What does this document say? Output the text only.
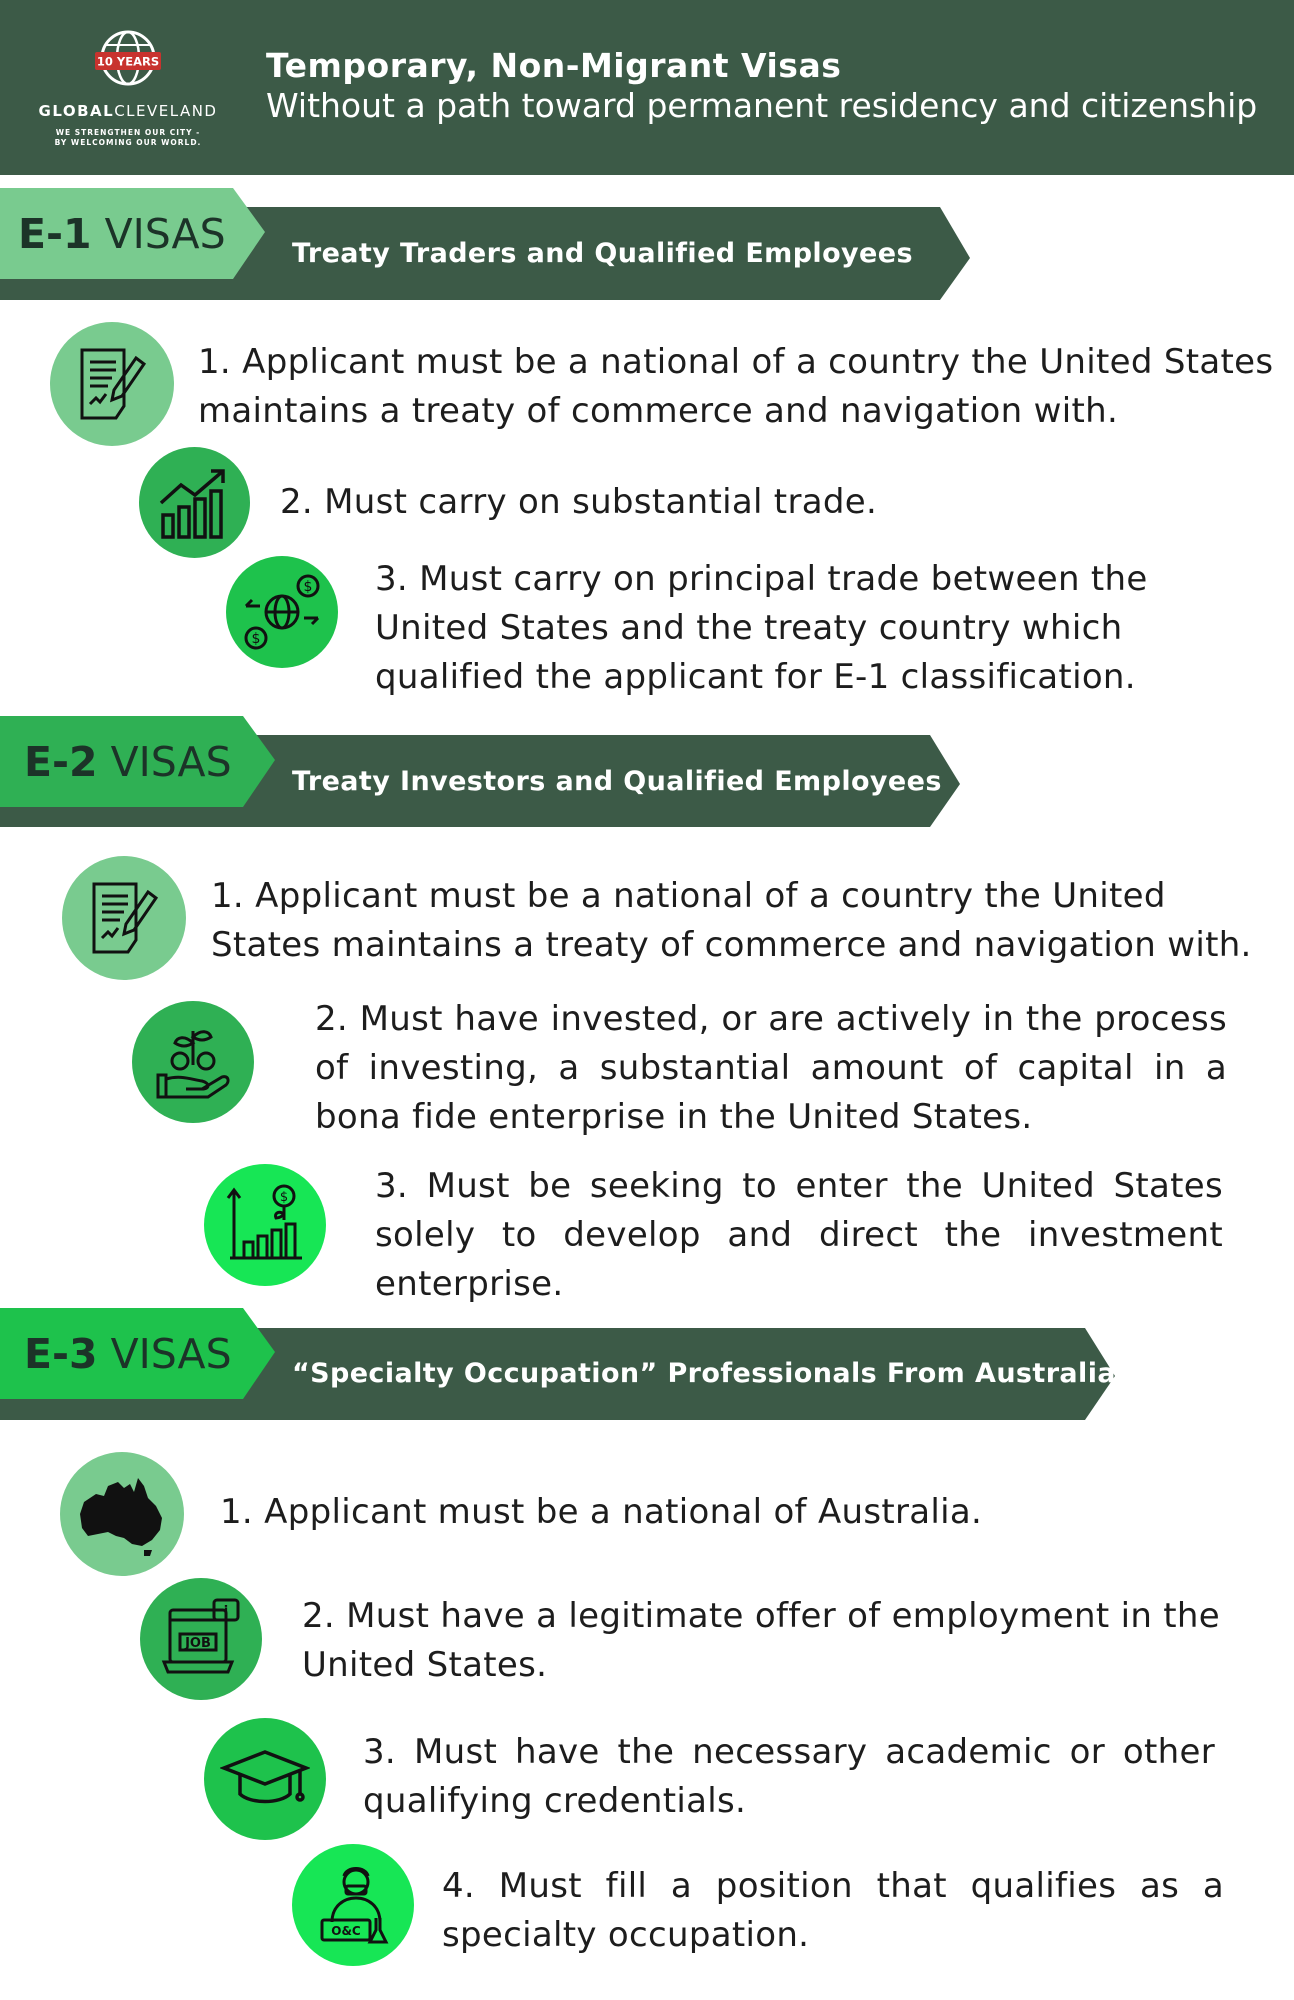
10 YEARS
GLOBALCLEVELAND
WE STRENGTHEN OUR CITY -
BY WELCOMING OUR WORLD.
Temporary, Non-Migrant Visas
Without a path toward permanent residency and citizenship
E-1 VISAS Treaty Traders and Qualified Employees
1. Applicant must be a national of a country the United States maintains a treaty of commerce and navigation with.
2. Must carry on substantial trade.
$
$
3. Must carry on principal trade between the United States and the treaty country which qualified the applicant for E-1 classification.
E-2 VISAS Treaty Investors and Qualified Employees
1. Applicant must be a national of a country the United States maintains a treaty of commerce and navigation with.
2. Must have invested, or are actively in the process of investing, a substantial amount of capital in a bona fide enterprise in the United States.
$	3. Must be seeking to enter the United States solely to develop and direct the investment enterprise.
E-3 VISAS “Specialty Occupation” Professionals From Australia
1. Applicant must be a national of Australia.
JOB
i 2. Must have a legitimate offer of employment in the United States.
3. Must have the necessary academic or other qualifying credentials.
O&C
4. Must fill a position that qualifies as a specialty occupation.
